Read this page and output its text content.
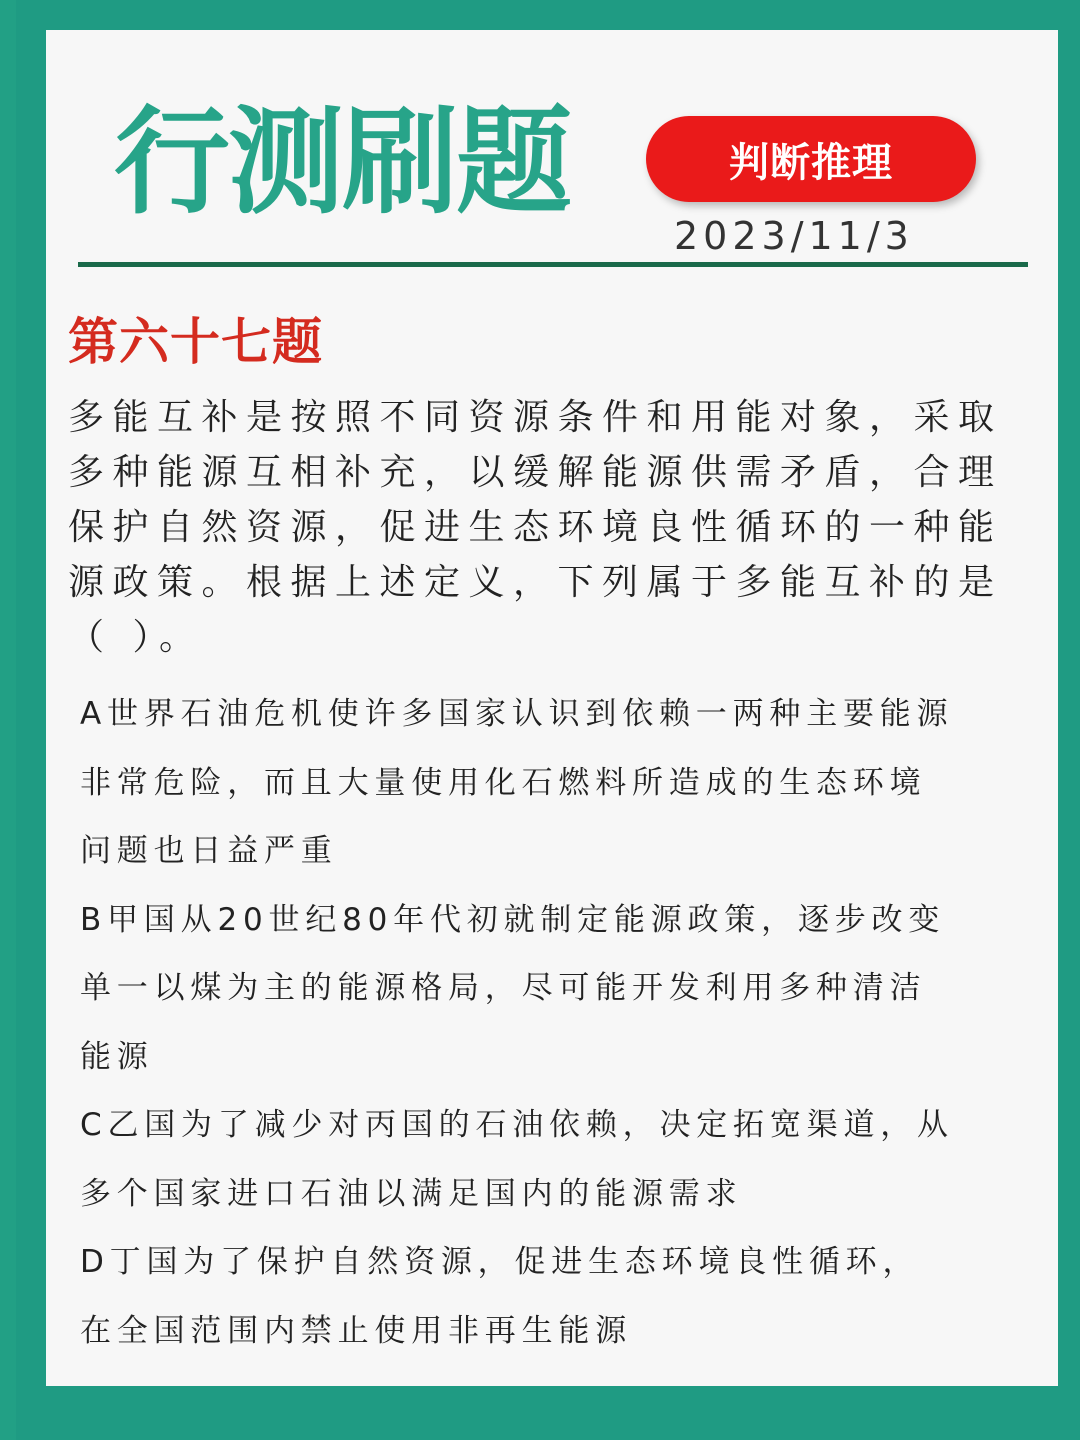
行测刷题	判断推理
2023/11/3
第六十七题

多能互补是按照不同资源条件和用能对象，采取

多种能源互相补充，以缓解能源供需矛盾，合理

保护自然资源，促进生态环境良性循环的一种能

源政策。根据上述定义，下列属于多能互补的是

（ ）。

A世界石油危机使许多国家认识到依赖一两种主要能源
非常危险，而且大量使用化石燃料所造成的生态环境
问题也日益严重
B甲国从20世纪80年代初就制定能源政策，逐步改变
单一以煤为主的能源格局，尽可能开发利用多种清洁
能源
C乙国为了减少对丙国的石油依赖，决定拓宽渠道，从
多个国家进口石油以满足国内的能源需求
D丁国为了保护自然资源，促进生态环境良性循环，
在全国范围内禁止使用非再生能源
